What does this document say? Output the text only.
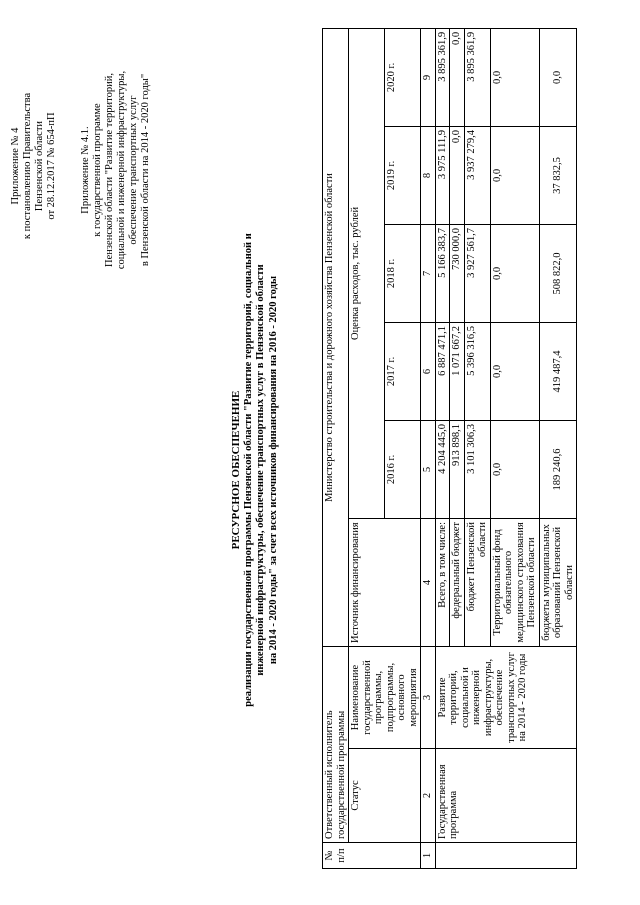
Приложение № 4 к постановлению Правительства Пензенской области от 28.12.2017 № 654-пП Приложение № 4.1. к государственной программе Пензенской области "Развитие территорий, социальной и инженерной инфраструктуры, обеспечение транспортных услуг в Пензенской области на 2014 - 2020 годы"
РЕСУРСНОЕ ОБЕСПЕЧЕНИЕ реализации государственной программы Пензенской области "Развитие территорий, социальной и инженерной инфраструктуры, обеспечение транспортных услуг в Пензенской области на 2014 - 2020 годы" за счет всех источников финансирования на 2016 - 2020 годы
№ п/п	Ответственный исполнитель государственной программы		Министерство строительства и дорожного хозяйства Пензенской области					
	Статус	Наименование государственной программы, подпрограммы, основного мероприятия	Источник финансирования	Оценка расходов, тыс. рублей				
				2016 г.	2017 г.	2018 г.	2019 г.	2020 г.
1	2	3	4	5	6	7	8	9
	Государственная программа	Развитие территорий, социальной и инженерной инфраструктуры, обеспечение транспортных услуг на 2014 - 2020 годы	Всего, в том числе:	4 204 445,0	6 887 471,1	5 166 383,7	3 975 111,9	3 895 361,9
			федеральный бюджет	913 898,1	1 071 667,2	730 000,0	0,0	0,0
			бюджет Пензенской области	3 101 306,3	5 396 316,5	3 927 561,7	3 937 279,4	3 895 361,9
			Территориальный фонд обязательного медицинского страхования Пензенской области	0,0	0,0	0,0	0,0	0,0
			бюджеты муниципальных образований Пензенской области	189 240,6	419 487,4	508 822,0	37 832,5	0,0
